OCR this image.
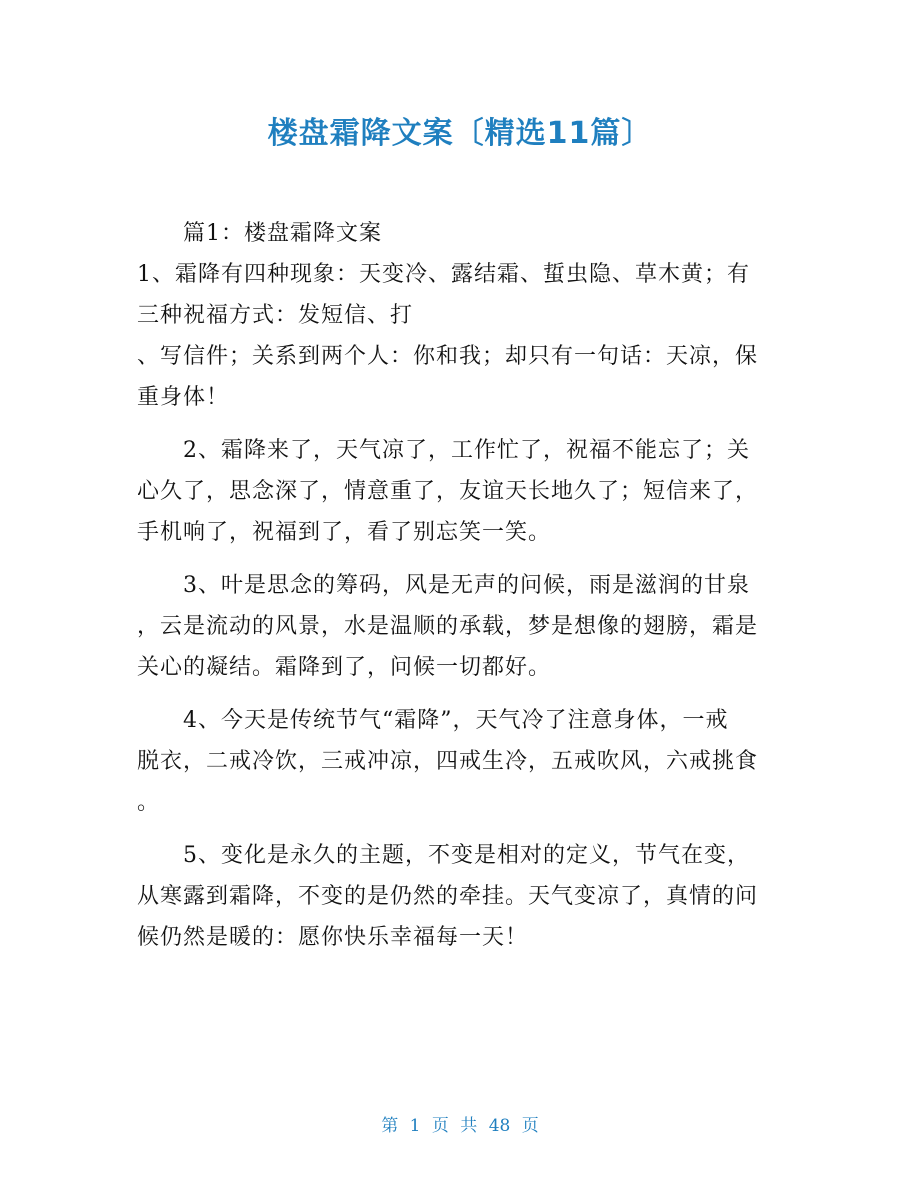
楼盘霜降文案〔精选11篇〕
　　篇1：楼盘霜降文案
1、霜降有四种现象：天变冷、露结霜、蜇虫隐、草木黄；有
三种祝福方式：发短信、打
、写信件；关系到两个人：你和我；却只有一句话：天凉，保
重身体！
　　2、霜降来了，天气凉了，工作忙了，祝福不能忘了；关
心久了，思念深了，情意重了，友谊天长地久了；短信来了，
手机响了，祝福到了，看了别忘笑一笑。
　　3、叶是思念的筹码，风是无声的问候，雨是滋润的甘泉
，云是流动的风景，水是温顺的承载，梦是想像的翅膀，霜是
关心的凝结。霜降到了，问候一切都好。
　　4、今天是传统节气“霜降”，天气冷了注意身体，一戒
脱衣，二戒冷饮，三戒冲凉，四戒生冷，五戒吹风，六戒挑食
。
　　5、变化是永久的主题，不变是相对的定义，节气在变，
从寒露到霜降，不变的是仍然的牵挂。天气变凉了，真情的问
候仍然是暖的：愿你快乐幸福每一天！
第 1 页 共 48 页
